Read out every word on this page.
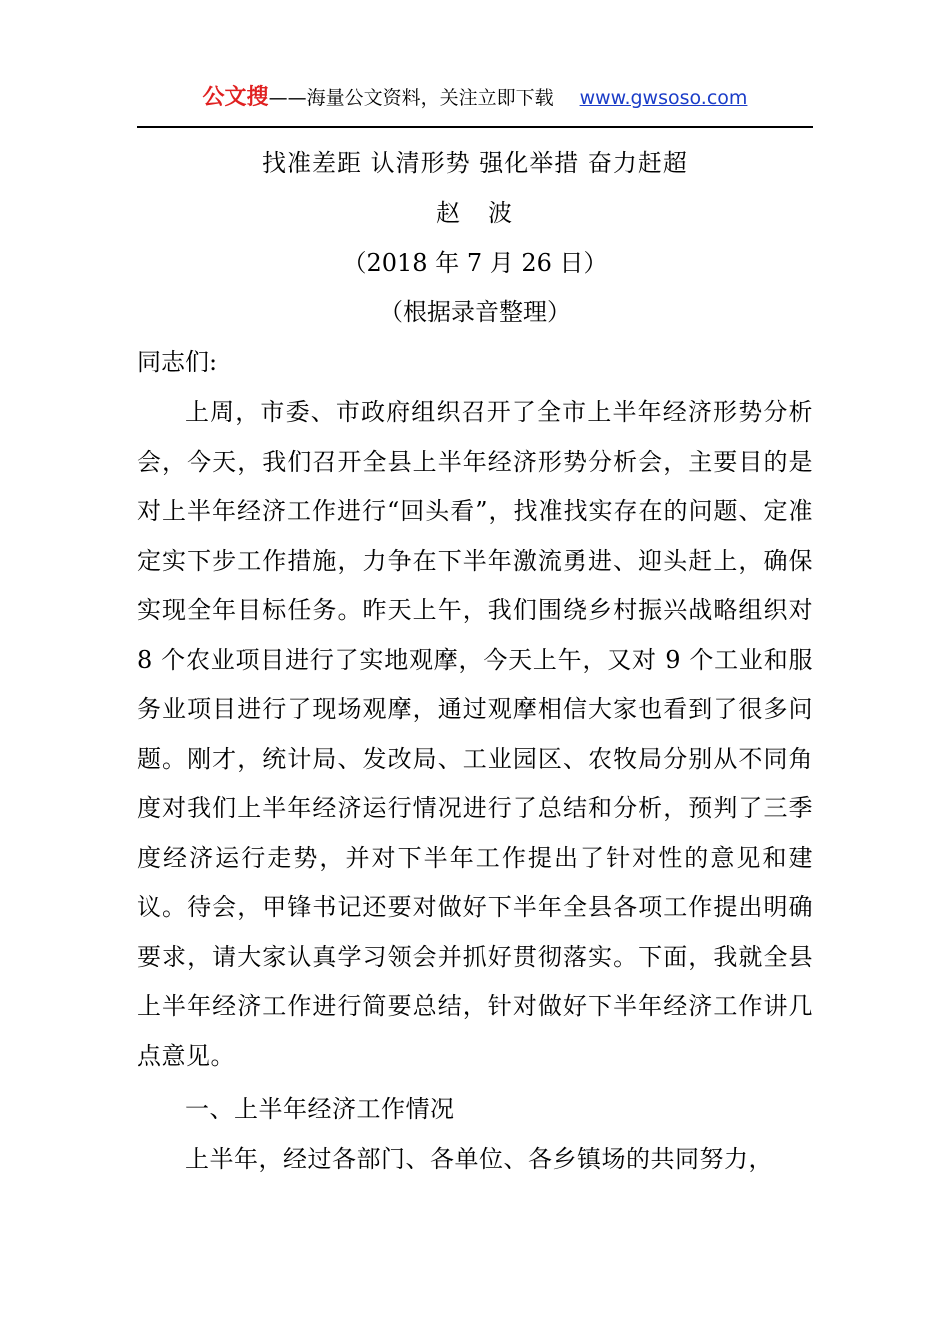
公文搜——海量公文资料，关注立即下载 www.gwsoso.com
找准差距 认清形势 强化举措 奋力赶超
赵　波
（2018 年 7 月 26 日）
（根据录音整理）
同志们:
上周，市委、市政府组织召开了全市上半年经济形势分析会，今天，我们召开全县上半年经济形势分析会，主要目的是对上半年经济工作进行“回头看”，找准找实存在的问题、定准定实下步工作措施，力争在下半年激流勇进、迎头赶上，确保实现全年目标任务。昨天上午，我们围绕乡村振兴战略组织对 8 个农业项目进行了实地观摩，今天上午，又对 9 个工业和服务业项目进行了现场观摩，通过观摩相信大家也看到了很多问题。刚才，统计局、发改局、工业园区、农牧局分别从不同角度对我们上半年经济运行情况进行了总结和分析，预判了三季度经济运行走势，并对下半年工作提出了针对性的意见和建议。待会，甲锋书记还要对做好下半年全县各项工作提出明确要求，请大家认真学习领会并抓好贯彻落实。下面，我就全县上半年经济工作进行简要总结，针对做好下半年经济工作讲几点意见。
一、上半年经济工作情况
上半年，经过各部门、各单位、各乡镇场的共同努力，
